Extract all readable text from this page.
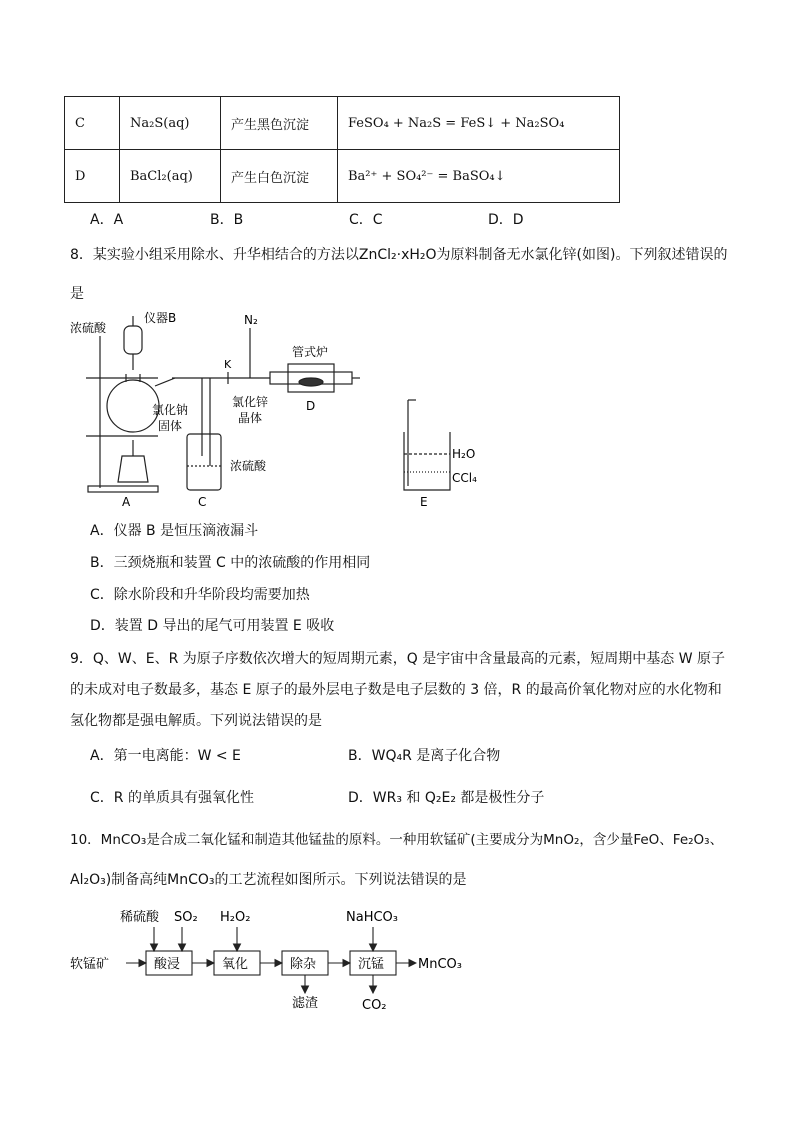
C	Na₂S(aq)	产生黑色沉淀	FeSO₄ + Na₂S = FeS↓ + Na₂SO₄
D	BaCl₂(aq)	产生白色沉淀	Ba²⁺ + SO₄²⁻ = BaSO₄↓
A．A	B．B	C．C	D．D
8．某实验小组采用除水、升华相结合的方法以ZnCl₂·xH₂O为原料制备无水氯化锌(如图)。下列叙述错误的
是
浓硫酸
仪器B	N₂
K
管式炉
氯化钠
固体
氯化锌
晶体
D
浓硫酸
A	C
H₂O
CCl₄
E
A．仪器 B 是恒压滴液漏斗
B．三颈烧瓶和装置 C 中的浓硫酸的作用相同
C．除水阶段和升华阶段均需要加热
D．装置 D 导出的尾气可用装置 E 吸收
9．Q、W、E、R 为原子序数依次增大的短周期元素，Q 是宇宙中含量最高的元素，短周期中基态 W 原子
的未成对电子数最多，基态 E 原子的最外层电子数是电子层数的 3 倍，R 的最高价氧化物对应的水化物和
氢化物都是强电解质。下列说法错误的是
A．第一电离能：W < E	B．WQ₄R 是离子化合物
C．R 的单质具有强氧化性	D．WR₃ 和 Q₂E₂ 都是极性分子
10．MnCO₃是合成二氧化锰和制造其他锰盐的原料。一种用软锰矿(主要成分为MnO₂，含少量FeO、Fe₂O₃、
Al₂O₃)制备高纯MnCO₃的工艺流程如图所示。下列说法错误的是
软锰矿	酸浸	氧化	除杂	沉锰	MnCO₃
稀硫酸 SO₂ H₂O₂	NaHCO₃
滤渣	CO₂
